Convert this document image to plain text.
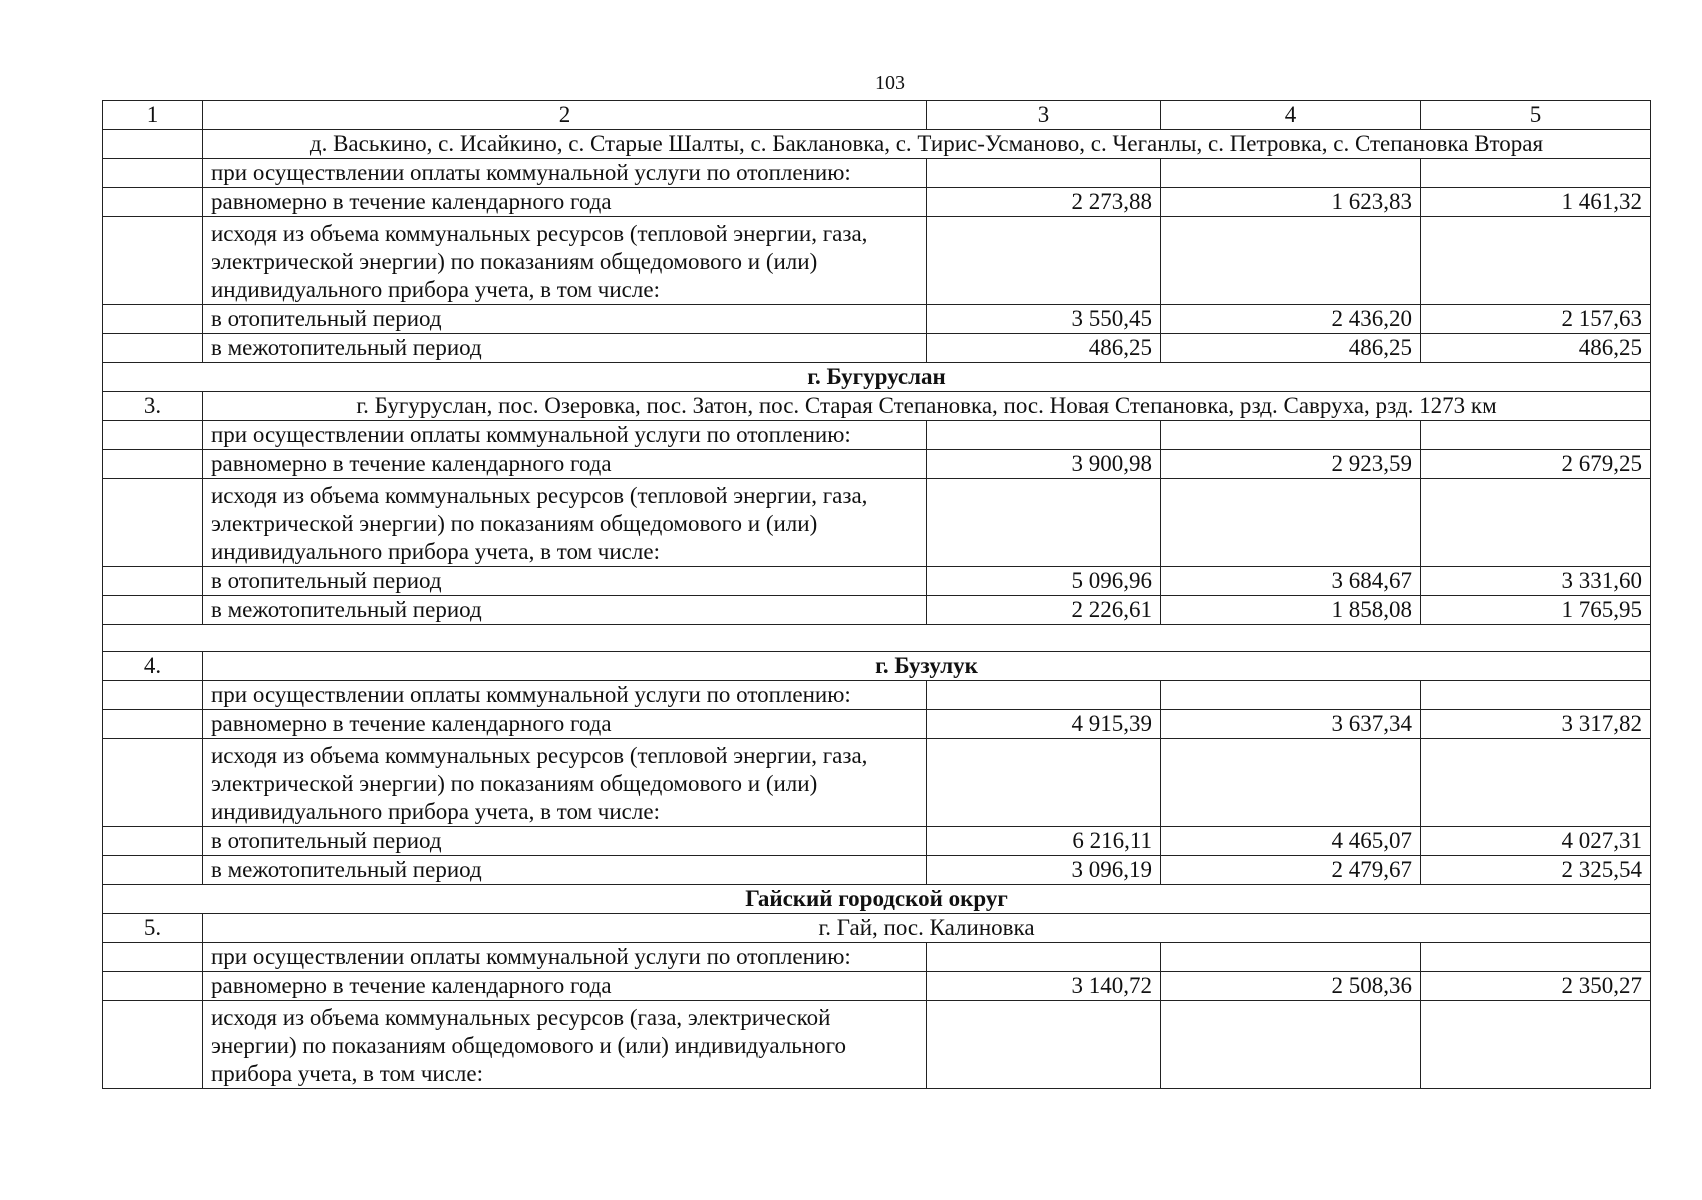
103
1	2	3	4	5
	д. Васькино, с. Исайкино, с. Старые Шалты, с. Баклановка, с. Тирис-Усманово, с. Чеганлы, с. Петровка, с. Степановка Вторая			
	при осуществлении оплаты коммунальной услуги по отоплению:			
	равномерно в течение календарного года	2 273,88	1 623,83	1 461,32
	исходя из объема коммунальных ресурсов (тепловой энергии, газа, электрической энергии) по показаниям общедомового и (или) индивидуального прибора учета, в том числе:			
	в отопительный период	3 550,45	2 436,20	2 157,63
	в межотопительный период	486,25	486,25	486,25
г. Бугуруслан				
3.	г. Бугуруслан, пос. Озеровка, пос. Затон, пос. Старая Степановка, пос. Новая Степановка, рзд. Савруха, рзд. 1273 км			
	при осуществлении оплаты коммунальной услуги по отоплению:			
	равномерно в течение календарного года	3 900,98	2 923,59	2 679,25
	исходя из объема коммунальных ресурсов (тепловой энергии, газа, электрической энергии) по показаниям общедомового и (или) индивидуального прибора учета, в том числе:			
	в отопительный период	5 096,96	3 684,67	3 331,60
	в межотопительный период	2 226,61	1 858,08	1 765,95

4.	г. Бузулук			
	при осуществлении оплаты коммунальной услуги по отоплению:			
	равномерно в течение календарного года	4 915,39	3 637,34	3 317,82
	исходя из объема коммунальных ресурсов (тепловой энергии, газа, электрической энергии) по показаниям общедомового и (или) индивидуального прибора учета, в том числе:			
	в отопительный период	6 216,11	4 465,07	4 027,31
	в межотопительный период	3 096,19	2 479,67	2 325,54
Гайский городской округ				
5.	г. Гай, пос. Калиновка			
	при осуществлении оплаты коммунальной услуги по отоплению:			
	равномерно в течение календарного года	3 140,72	2 508,36	2 350,27
	исходя из объема коммунальных ресурсов (газа, электрической энергии) по показаниям общедомового и (или) индивидуального прибора учета, в том числе:			
